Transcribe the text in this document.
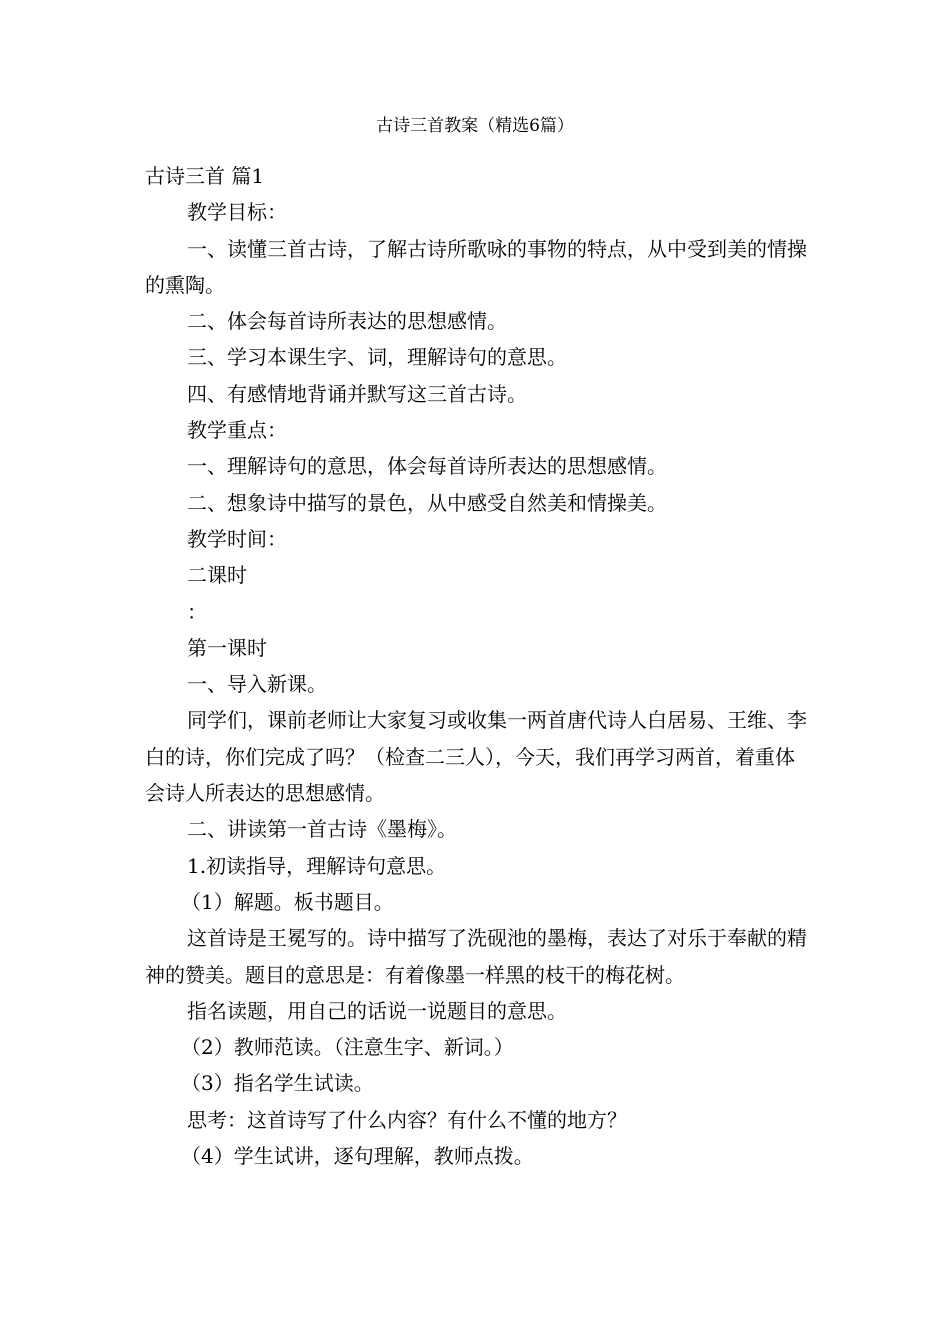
古诗三首教案（精选6篇）

古诗三首 篇1

教学目标：

一、读懂三首古诗，了解古诗所歌咏的事物的特点，从中受到美的情操的熏陶。

二、体会每首诗所表达的思想感情。

三、学习本课生字、词，理解诗句的意思。

四、有感情地背诵并默写这三首古诗。

教学重点：

一、理解诗句的意思，体会每首诗所表达的思想感情。

二、想象诗中描写的景色，从中感受自然美和情操美。

教学时间：

二课时

：

第一课时

一、导入新课。

同学们，课前老师让大家复习或收集一两首唐代诗人白居易、王维、李白的诗，你们完成了吗？（检查二三人），今天，我们再学习两首，着重体会诗人所表达的思想感情。

二、讲读第一首古诗《墨梅》。

1.初读指导，理解诗句意思。

（1）解题。板书题目。

这首诗是王冕写的。诗中描写了洗砚池的墨梅，表达了对乐于奉献的精神的赞美。题目的意思是：有着像墨一样黑的枝干的梅花树。

指名读题，用自己的话说一说题目的意思。

（2）教师范读。（注意生字、新词。）

（3）指名学生试读。

思考：这首诗写了什么内容？有什么不懂的地方？

（4）学生试讲，逐句理解，教师点拨。
